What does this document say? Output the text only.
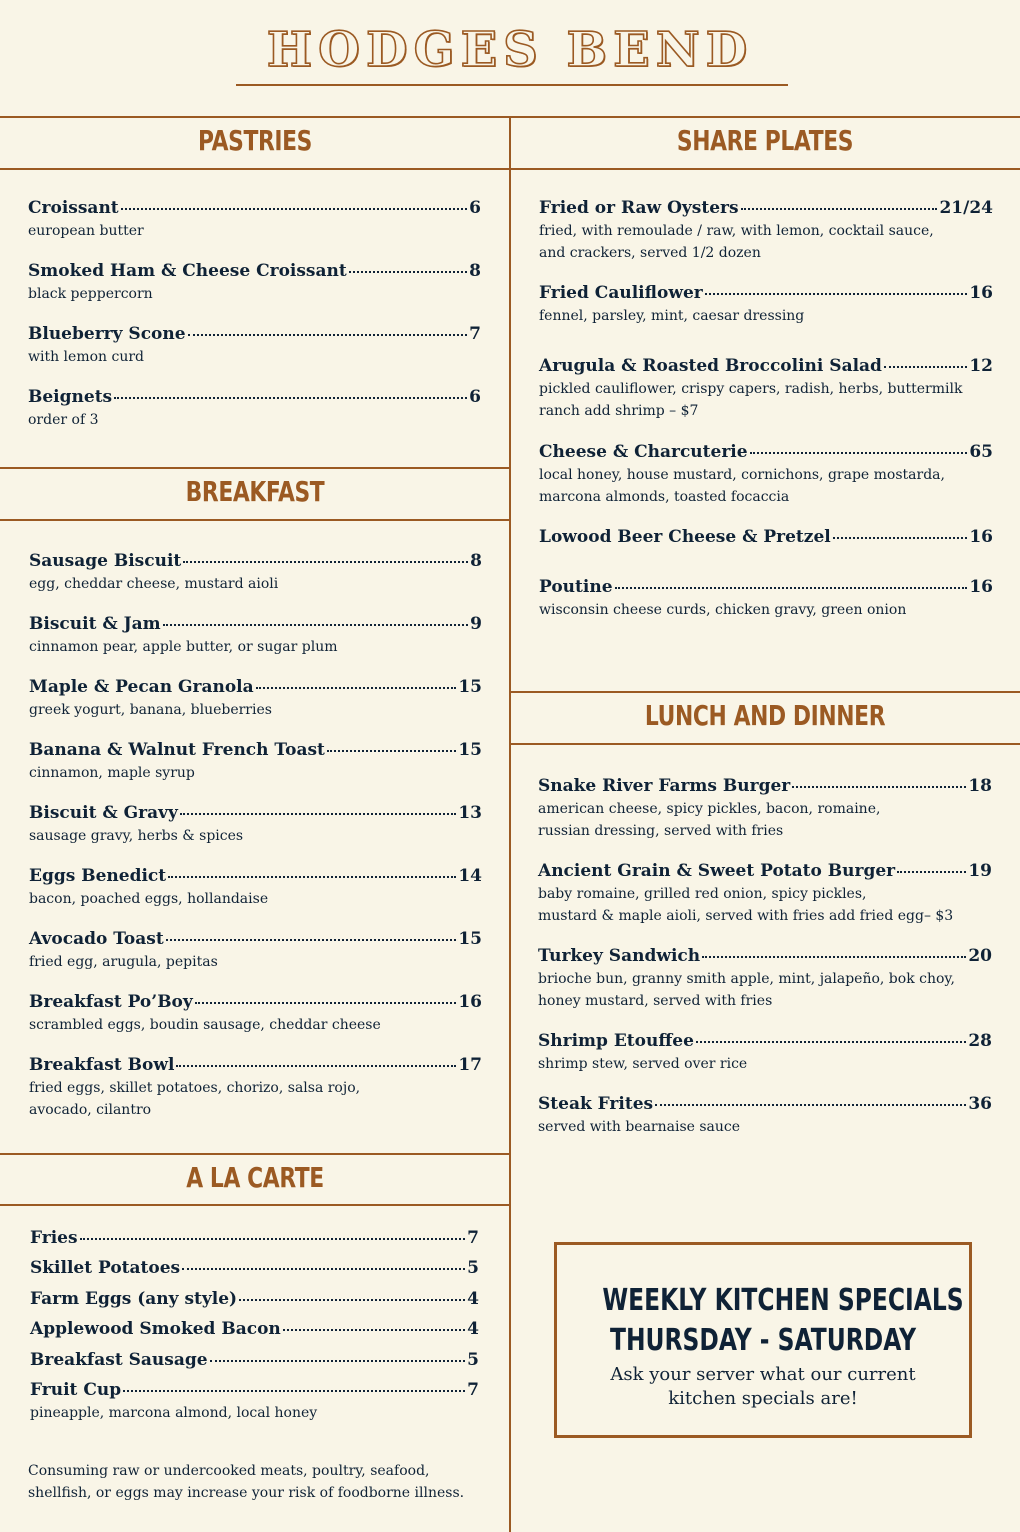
HODGES BEND
PASTRIES	SHARE PLATES
BREAKFAST
LUNCH AND DINNER
A LA CARTE
Croissant	6
european butter
Smoked Ham & Cheese Croissant	8
black peppercorn
Blueberry Scone	7
with lemon curd
Beignets	6
order of 3
Sausage Biscuit	8
egg, cheddar cheese, mustard aioli
Biscuit & Jam	9
cinnamon pear, apple butter, or sugar plum
Maple & Pecan Granola	15
greek yogurt, banana, blueberries
Banana & Walnut French Toast	15
cinnamon, maple syrup
Biscuit & Gravy	13
sausage gravy, herbs & spices
Eggs Benedict	14
bacon, poached eggs, hollandaise
Avocado Toast	15
fried egg, arugula, pepitas
Breakfast Po’Boy	16
scrambled eggs, boudin sausage, cheddar cheese
Breakfast Bowl	17
fried eggs, skillet potatoes, chorizo, salsa rojo,
avocado, cilantro
Fries	7
Skillet Potatoes	5
Farm Eggs (any style)	4
Applewood Smoked Bacon	4
Breakfast Sausage	5
Fruit Cup	7
pineapple, marcona almond, local honey
Consuming raw or undercooked meats, poultry, seafood,
shellfish, or eggs may increase your risk of foodborne illness.
Fried or Raw Oysters	21/24
fried, with remoulade / raw, with lemon, cocktail sauce,
and crackers, served 1/2 dozen
Fried Cauliflower	16
fennel, parsley, mint, caesar dressing
Arugula & Roasted Broccolini Salad	12
pickled cauliflower, crispy capers, radish, herbs, buttermilk
ranch add shrimp – $7
Cheese & Charcuterie	65
local honey, house mustard, cornichons, grape mostarda,
marcona almonds, toasted focaccia
Lowood Beer Cheese & Pretzel	16
Poutine	16
wisconsin cheese curds, chicken gravy, green onion
Snake River Farms Burger	18
american cheese, spicy pickles, bacon, romaine,
russian dressing, served with fries
Ancient Grain & Sweet Potato Burger	19
baby romaine, grilled red onion, spicy pickles,
mustard & maple aioli, served with fries add fried egg– $3
Turkey Sandwich	20
brioche bun, granny smith apple, mint, jalapeño, bok choy,
honey mustard, served with fries
Shrimp Etouffee	28
shrimp stew, served over rice
Steak Frites	36
served with bearnaise sauce
WEEKLY KITCHEN SPECIALS
THURSDAY - SATURDAY
Ask your server what our current
kitchen specials are!
